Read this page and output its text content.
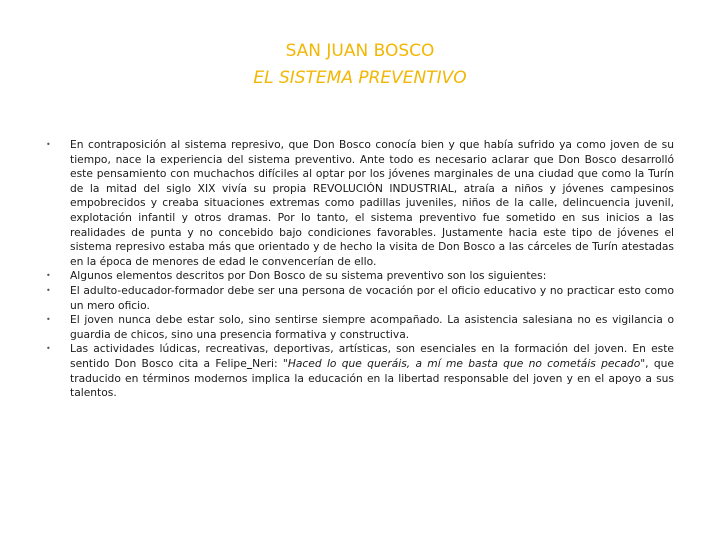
SAN JUAN BOSCO
EL SISTEMA PREVENTIVO
•	En contraposición al sistema represivo, que Don Bosco conocía bien y que había sufrido ya como joven de su tiempo, nace la experiencia del sistema preventivo. Ante todo es necesario aclarar que Don Bosco desarrolló este pensamiento con muchachos difíciles al optar por los jóvenes marginales de una ciudad que como la Turín de la mitad del siglo XIX vivía su propia REVOLUCIÓN INDUSTRIAL, atraía a niños y jóvenes campesinos empobrecidos y creaba situaciones extremas como padillas juveniles, niños de la calle, delincuencia juvenil, explotación infantil y otros dramas. Por lo tanto, el sistema preventivo fue sometido en sus inicios a las realidades de punta y no concebido bajo condiciones favorables. Justamente hacia este tipo de jóvenes el sistema represivo estaba más que orientado y de hecho la visita de Don Bosco a las cárceles de Turín atestadas en la época de menores de edad le convencerían de ello.
•	Algunos elementos descritos por Don Bosco de su sistema preventivo son los siguientes:
•	El adulto-educador-formador debe ser una persona de vocación por el oficio educativo y no practicar esto como un mero oficio.
•	El joven nunca debe estar solo, sino sentirse siempre acompañado. La asistencia salesiana no es vigilancia o guardia de chicos, sino una presencia formativa y constructiva.
•	Las actividades lúdicas, recreativas, deportivas, artísticas, son esenciales en la formación del joven. En este sentido Don Bosco cita a Felipe Neri: "Haced lo que queráis, a mí me basta que no cometáis pecado", que traducido en términos modernos implica la educación en la libertad responsable del joven y en el apoyo a sus talentos.
